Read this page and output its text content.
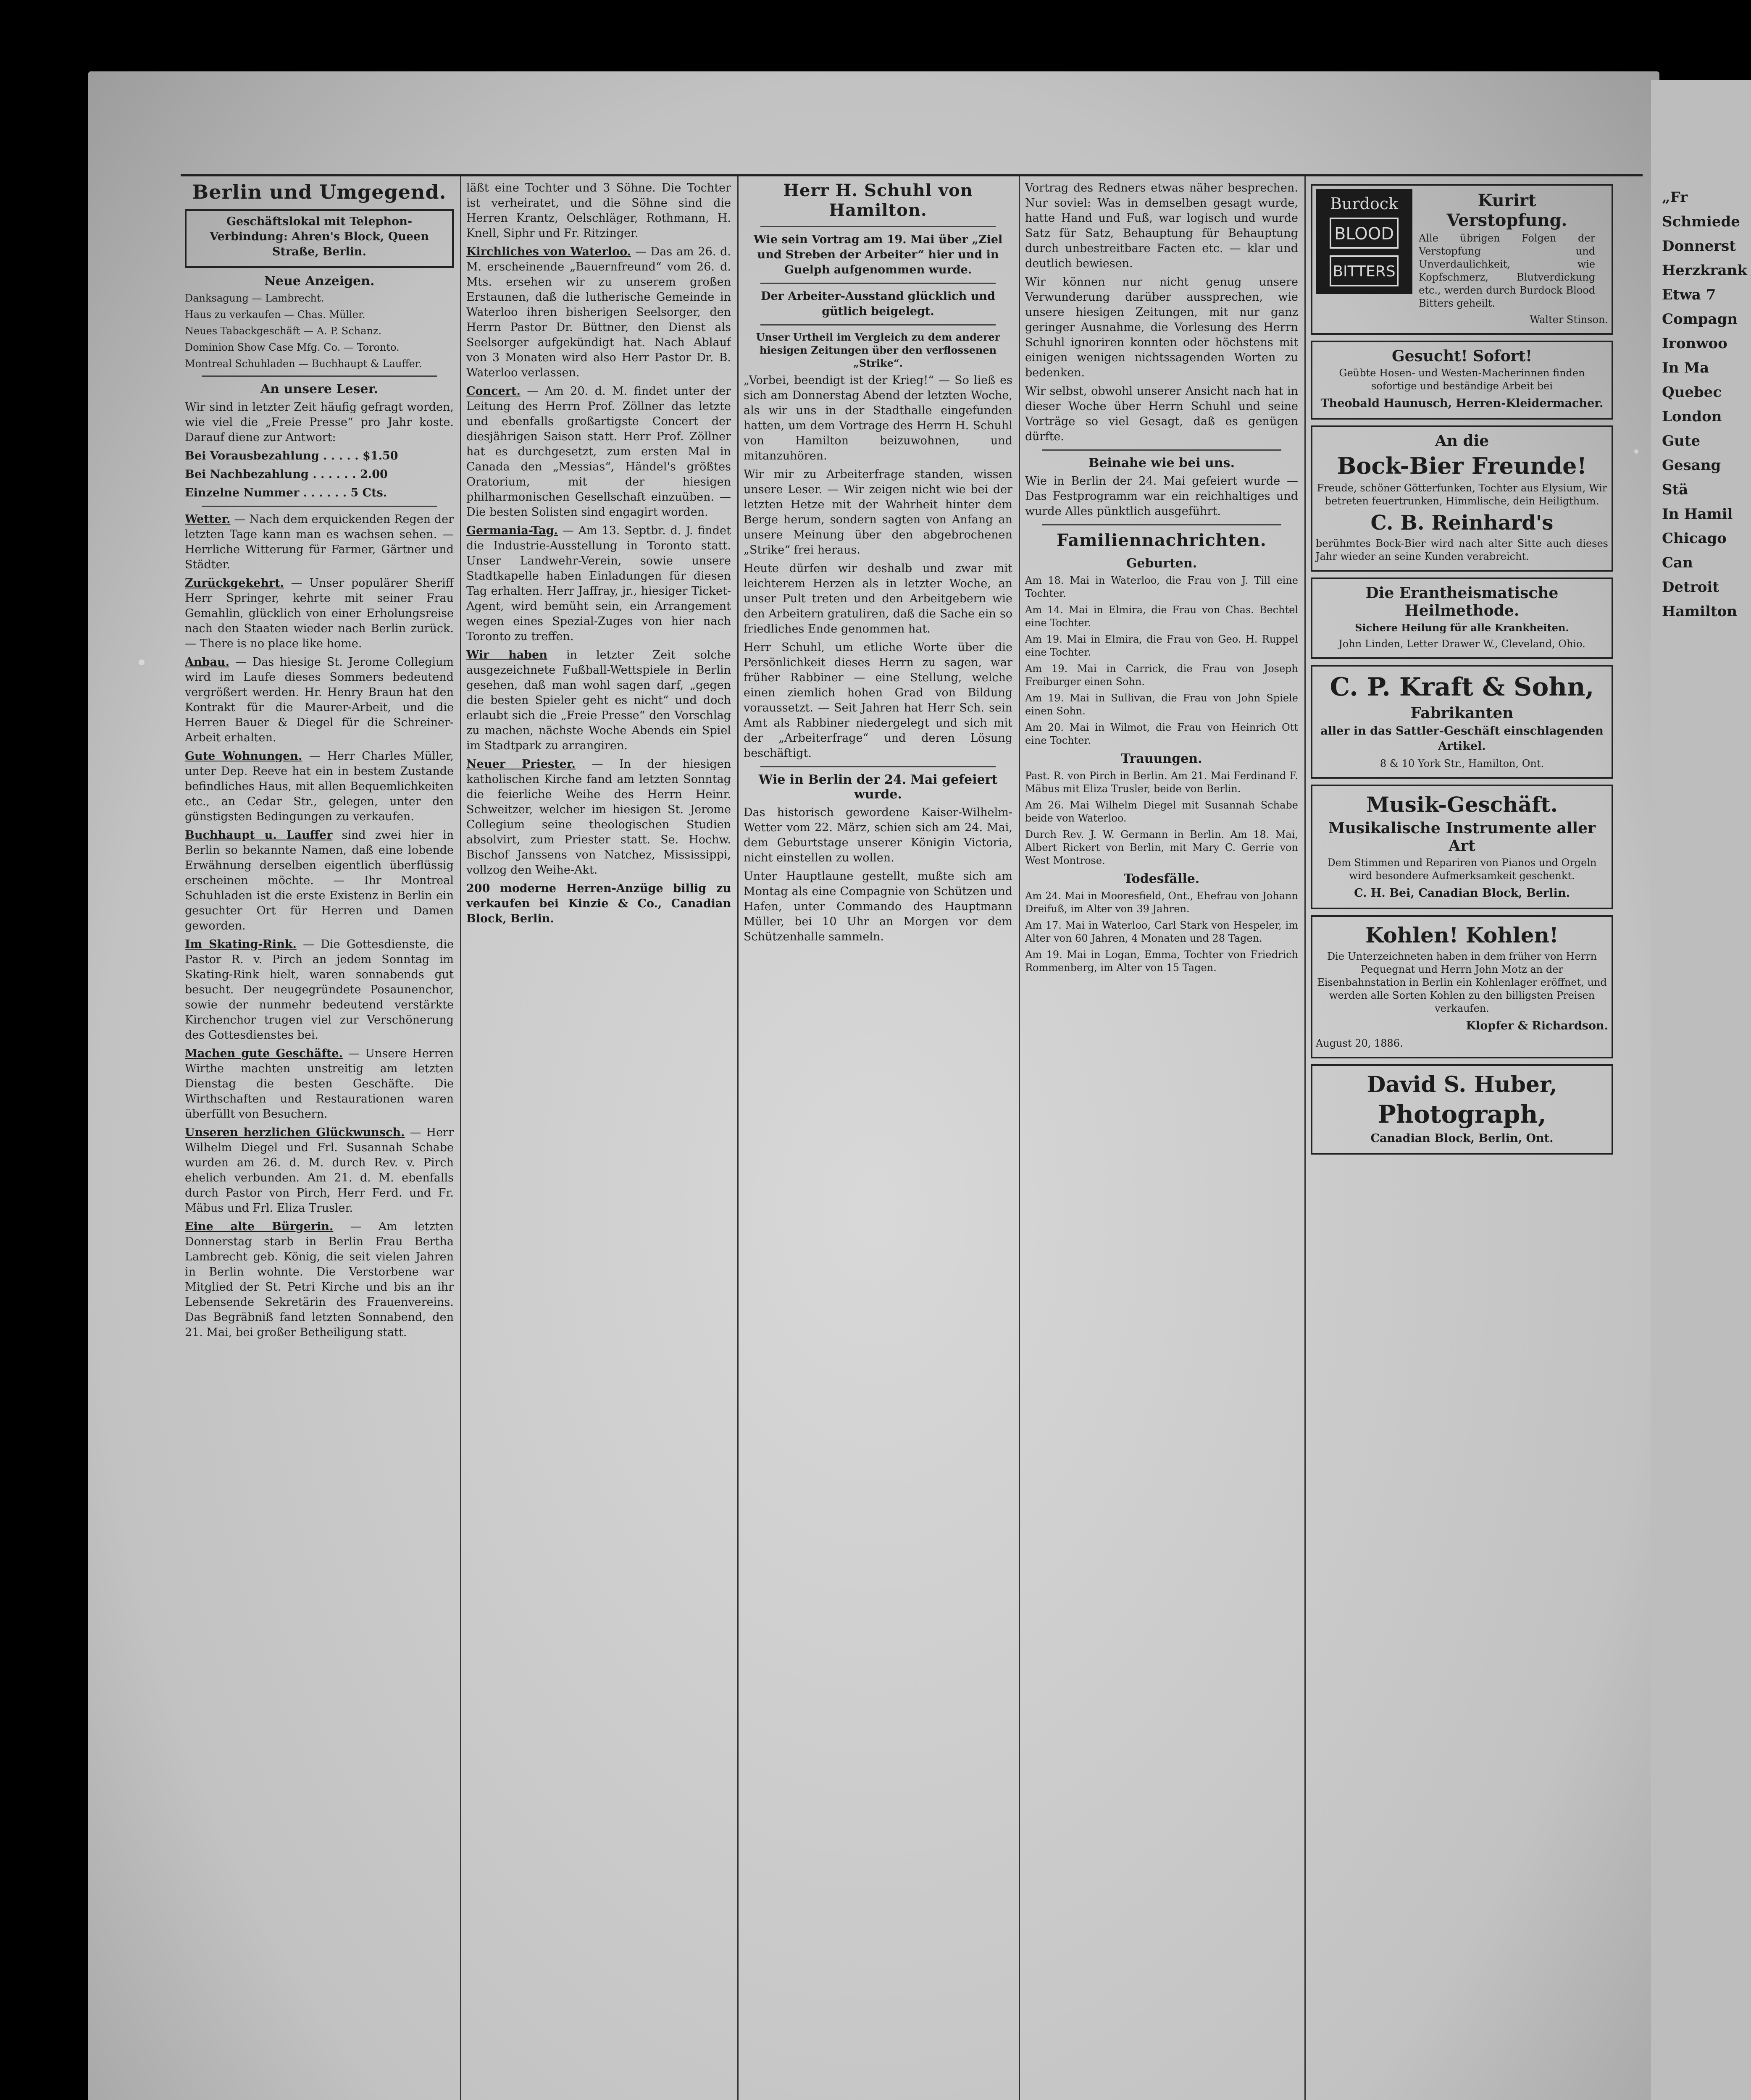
Berlin und Umgegend.

Geschäftslokal mit Telephon-Verbindung: Ahren's Block, Queen Straße, Berlin.

Neue Anzeigen.

Danksagung — Lambrecht.

Haus zu verkaufen — Chas. Müller.

Neues Tabackgeschäft — A. P. Schanz.

Dominion Show Case Mfg. Co. — Toronto.

Montreal Schuhladen — Buchhaupt & Lauffer.

An unsere Leser.

Wir sind in letzter Zeit häufig gefragt worden, wie viel die „Freie Presse“ pro Jahr koste. Darauf diene zur Antwort:

Bei Vorausbezahlung . . . . . $1.50

Bei Nachbezahlung . . . . . . 2.00

Einzelne Nummer . . . . . . 5 Cts.

Wetter. — Nach dem erquickenden Regen der letzten Tage kann man es wachsen sehen. — Herrliche Witterung für Farmer, Gärtner und Städter.

Zurückgekehrt. — Unser populärer Sheriff Herr Springer, kehrte mit seiner Frau Gemahlin, glücklich von einer Erholungsreise nach den Staaten wieder nach Berlin zurück. — There is no place like home.

Anbau. — Das hiesige St. Jerome Collegium wird im Laufe dieses Sommers bedeutend vergrößert werden. Hr. Henry Braun hat den Kontrakt für die Maurer-Arbeit, und die Herren Bauer & Diegel für die Schreiner-Arbeit erhalten.

Gute Wohnungen. — Herr Charles Müller, unter Dep. Reeve hat ein in bestem Zustande befindliches Haus, mit allen Bequemlichkeiten etc., an Cedar Str., gelegen, unter den günstigsten Bedingungen zu verkaufen.

Buchhaupt u. Lauffer sind zwei hier in Berlin so bekannte Namen, daß eine lobende Erwähnung derselben eigentlich überflüssig erscheinen möchte. — Ihr Montreal Schuhladen ist die erste Existenz in Berlin ein gesuchter Ort für Herren und Damen geworden.

Im Skating-Rink. — Die Gottesdienste, die Pastor R. v. Pirch an jedem Sonntag im Skating-Rink hielt, waren sonnabends gut besucht. Der neugegründete Posaunenchor, sowie der nunmehr bedeutend verstärkte Kirchenchor trugen viel zur Verschönerung des Gottesdienstes bei.

Machen gute Geschäfte. — Unsere Herren Wirthe machten unstreitig am letzten Dienstag die besten Geschäfte. Die Wirthschaften und Restaurationen waren überfüllt von Besuchern.

Unseren herzlichen Glückwunsch. — Herr Wilhelm Diegel und Frl. Susannah Schabe wurden am 26. d. M. durch Rev. v. Pirch ehelich verbunden. Am 21. d. M. ebenfalls durch Pastor von Pirch, Herr Ferd. und Fr. Mäbus und Frl. Eliza Trusler.

Eine alte Bürgerin. — Am letzten Donnerstag starb in Berlin Frau Bertha Lambrecht geb. König, die seit vielen Jahren in Berlin wohnte. Die Verstorbene war Mitglied der St. Petri Kirche und bis an ihr Lebensende Sekretärin des Frauenvereins. Das Begräbniß fand letzten Sonnabend, den 21. Mai, bei großer Betheiligung statt.

läßt eine Tochter und 3 Söhne. Die Tochter ist verheiratet, und die Söhne sind die Herren Krantz, Oelschläger, Rothmann, H. Knell, Siphr und Fr. Ritzinger.

Kirchliches von Waterloo. — Das am 26. d. M. erscheinende „Bauernfreund“ vom 26. d. Mts. ersehen wir zu unserem großen Erstaunen, daß die lutherische Gemeinde in Waterloo ihren bisherigen Seelsorger, den Herrn Pastor Dr. Büttner, den Dienst als Seelsorger aufgekündigt hat. Nach Ablauf von 3 Monaten wird also Herr Pastor Dr. B. Waterloo verlassen.

Concert. — Am 20. d. M. findet unter der Leitung des Herrn Prof. Zöllner das letzte und ebenfalls großartigste Concert der diesjährigen Saison statt. Herr Prof. Zöllner hat es durchgesetzt, zum ersten Mal in Canada den „Messias“, Händel's größtes Oratorium, mit der hiesigen philharmonischen Gesellschaft einzuüben. — Die besten Solisten sind engagirt worden.

Germania-Tag. — Am 13. Septbr. d. J. findet die Industrie-Ausstellung in Toronto statt. Unser Landwehr-Verein, sowie unsere Stadtkapelle haben Einladungen für diesen Tag erhalten. Herr Jaffray, jr., hiesiger Ticket-Agent, wird bemüht sein, ein Arrangement wegen eines Spezial-Zuges von hier nach Toronto zu treffen.

Wir haben in letzter Zeit solche ausgezeichnete Fußball-Wettspiele in Berlin gesehen, daß man wohl sagen darf, „gegen die besten Spieler geht es nicht“ und doch erlaubt sich die „Freie Presse“ den Vorschlag zu machen, nächste Woche Abends ein Spiel im Stadtpark zu arrangiren.

Neuer Priester. — In der hiesigen katholischen Kirche fand am letzten Sonntag die feierliche Weihe des Herrn Heinr. Schweitzer, welcher im hiesigen St. Jerome Collegium seine theologischen Studien absolvirt, zum Priester statt. Se. Hochw. Bischof Janssens von Natchez, Mississippi, vollzog den Weihe-Akt.

200 moderne Herren-Anzüge billig zu verkaufen bei Kinzie & Co., Canadian Block, Berlin.

Herr H. Schuhl von Hamilton.

Wie sein Vortrag am 19. Mai über „Ziel und Streben der Arbeiter“ hier und in Guelph aufgenommen wurde.

Der Arbeiter-Ausstand glücklich und gütlich beigelegt.

Unser Urtheil im Vergleich zu dem anderer hiesigen Zeitungen über den verflossenen „Strike“.

„Vorbei, beendigt ist der Krieg!“ — So ließ es sich am Donnerstag Abend der letzten Woche, als wir uns in der Stadthalle eingefunden hatten, um dem Vortrage des Herrn H. Schuhl von Hamilton beizuwohnen, und mitanzuhören.

Wir mir zu Arbeiterfrage standen, wissen unsere Leser. — Wir zeigen nicht wie bei der letzten Hetze mit der Wahrheit hinter dem Berge herum, sondern sagten von Anfang an unsere Meinung über den abgebrochenen „Strike“ frei heraus.

Heute dürfen wir deshalb und zwar mit leichterem Herzen als in letzter Woche, an unser Pult treten und den Arbeitgebern wie den Arbeitern gratuliren, daß die Sache ein so friedliches Ende genommen hat.

Herr Schuhl, um etliche Worte über die Persönlichkeit dieses Herrn zu sagen, war früher Rabbiner — eine Stellung, welche einen ziemlich hohen Grad von Bildung voraussetzt. — Seit Jahren hat Herr Sch. sein Amt als Rabbiner niedergelegt und sich mit der „Arbeiterfrage“ und deren Lösung beschäftigt.

Wie in Berlin der 24. Mai gefeiert wurde.

Das historisch gewordene Kaiser-Wilhelm-Wetter vom 22. März, schien sich am 24. Mai, dem Geburtstage unserer Königin Victoria, nicht einstellen zu wollen.

Unter Hauptlaune gestellt, mußte sich am Montag als eine Compagnie von Schützen und Hafen, unter Commando des Hauptmann Müller, bei 10 Uhr an Morgen vor dem Schützenhalle sammeln.

Vortrag des Redners etwas näher besprechen. Nur soviel: Was in demselben gesagt wurde, hatte Hand und Fuß, war logisch und wurde Satz für Satz, Behauptung für Behauptung durch unbestreitbare Facten etc. — klar und deutlich bewiesen.

Wir können nur nicht genug unsere Verwunderung darüber aussprechen, wie unsere hiesigen Zeitungen, mit nur ganz geringer Ausnahme, die Vorlesung des Herrn Schuhl ignoriren konnten oder höchstens mit einigen wenigen nichtssagenden Worten zu bedenken.

Wir selbst, obwohl unserer Ansicht nach hat in dieser Woche über Herrn Schuhl und seine Vorträge so viel Gesagt, daß es genügen dürfte.

Beinahe wie bei uns.

Wie in Berlin der 24. Mai gefeiert wurde — Das Festprogramm war ein reichhaltiges und wurde Alles pünktlich ausgeführt.

Familiennachrichten.
Geburten.

Am 18. Mai in Waterloo, die Frau von J. Till eine Tochter.

Am 14. Mai in Elmira, die Frau von Chas. Bechtel eine Tochter.

Am 19. Mai in Elmira, die Frau von Geo. H. Ruppel eine Tochter.

Am 19. Mai in Carrick, die Frau von Joseph Freiburger einen Sohn.

Am 19. Mai in Sullivan, die Frau von John Spiele einen Sohn.

Am 20. Mai in Wilmot, die Frau von Heinrich Ott eine Tochter.

Trauungen.

Past. R. von Pirch in Berlin. Am 21. Mai Ferdinand F. Mäbus mit Eliza Trusler, beide von Berlin.

Am 26. Mai Wilhelm Diegel mit Susannah Schabe beide von Waterloo.

Durch Rev. J. W. Germann in Berlin. Am 18. Mai, Albert Rickert von Berlin, mit Mary C. Gerrie von West Montrose.

Todesfälle.

Am 24. Mai in Mooresfield, Ont., Ehefrau von Johann Dreifuß, im Alter von 39 Jahren.

Am 17. Mai in Waterloo, Carl Stark von Hespeler, im Alter von 60 Jahren, 4 Monaten und 28 Tagen.

Am 19. Mai in Logan, Emma, Tochter von Friedrich Rommenberg, im Alter von 15 Tagen.

Burdock
BLOOD
BITTERS

Kurirt Verstopfung.

Alle übrigen Folgen der Verstopfung und Unverdaulichkeit, wie Kopfschmerz, Blutverdickung etc., werden durch Burdock Blood Bitters geheilt.

Walter Stinson.

Gesucht! Sofort!

Geübte Hosen- und Westen-Macherinnen finden sofortige und beständige Arbeit bei

Theobald Haunusch, Herren-Kleidermacher.

An die

Bock-Bier Freunde!

Freude, schöner Götterfunken, Tochter aus Elysium, Wir betreten feuertrunken, Himmlische, dein Heiligthum.

C. B. Reinhard's

berühmtes Bock-Bier wird nach alter Sitte auch dieses Jahr wieder an seine Kunden verabreicht.

Die Erantheismatische Heilmethode.

Sichere Heilung für alle Krankheiten.

John Linden, Letter Drawer W., Cleveland, Ohio.

C. P. Kraft & Sohn,

Fabrikanten

aller in das Sattler-Geschäft einschlagenden Artikel.

8 & 10 York Str., Hamilton, Ont.

Musik-Geschäft.

Musikalische Instrumente aller Art

Dem Stimmen und Repariren von Pianos und Orgeln wird besondere Aufmerksamkeit geschenkt.

C. H. Bei, Canadian Block, Berlin.

Kohlen! Kohlen!

Die Unterzeichneten haben in dem früher von Herrn Pequegnat und Herrn John Motz an der Eisenbahnstation in Berlin ein Kohlenlager eröffnet, und werden alle Sorten Kohlen zu den billigsten Preisen verkaufen.

Klopfer & Richardson.

August 20, 1886.

David S. Huber,

Photograph,

Canadian Block, Berlin, Ont.

„Fr

Schmiede

Donnerst

Herzkrank

Etwa 7

Compagn

Ironwoo

In Ma

Quebec

London

Gute

Gesang

Stä

In Hamil

Chicago

Can

Detroit

Hamilton
